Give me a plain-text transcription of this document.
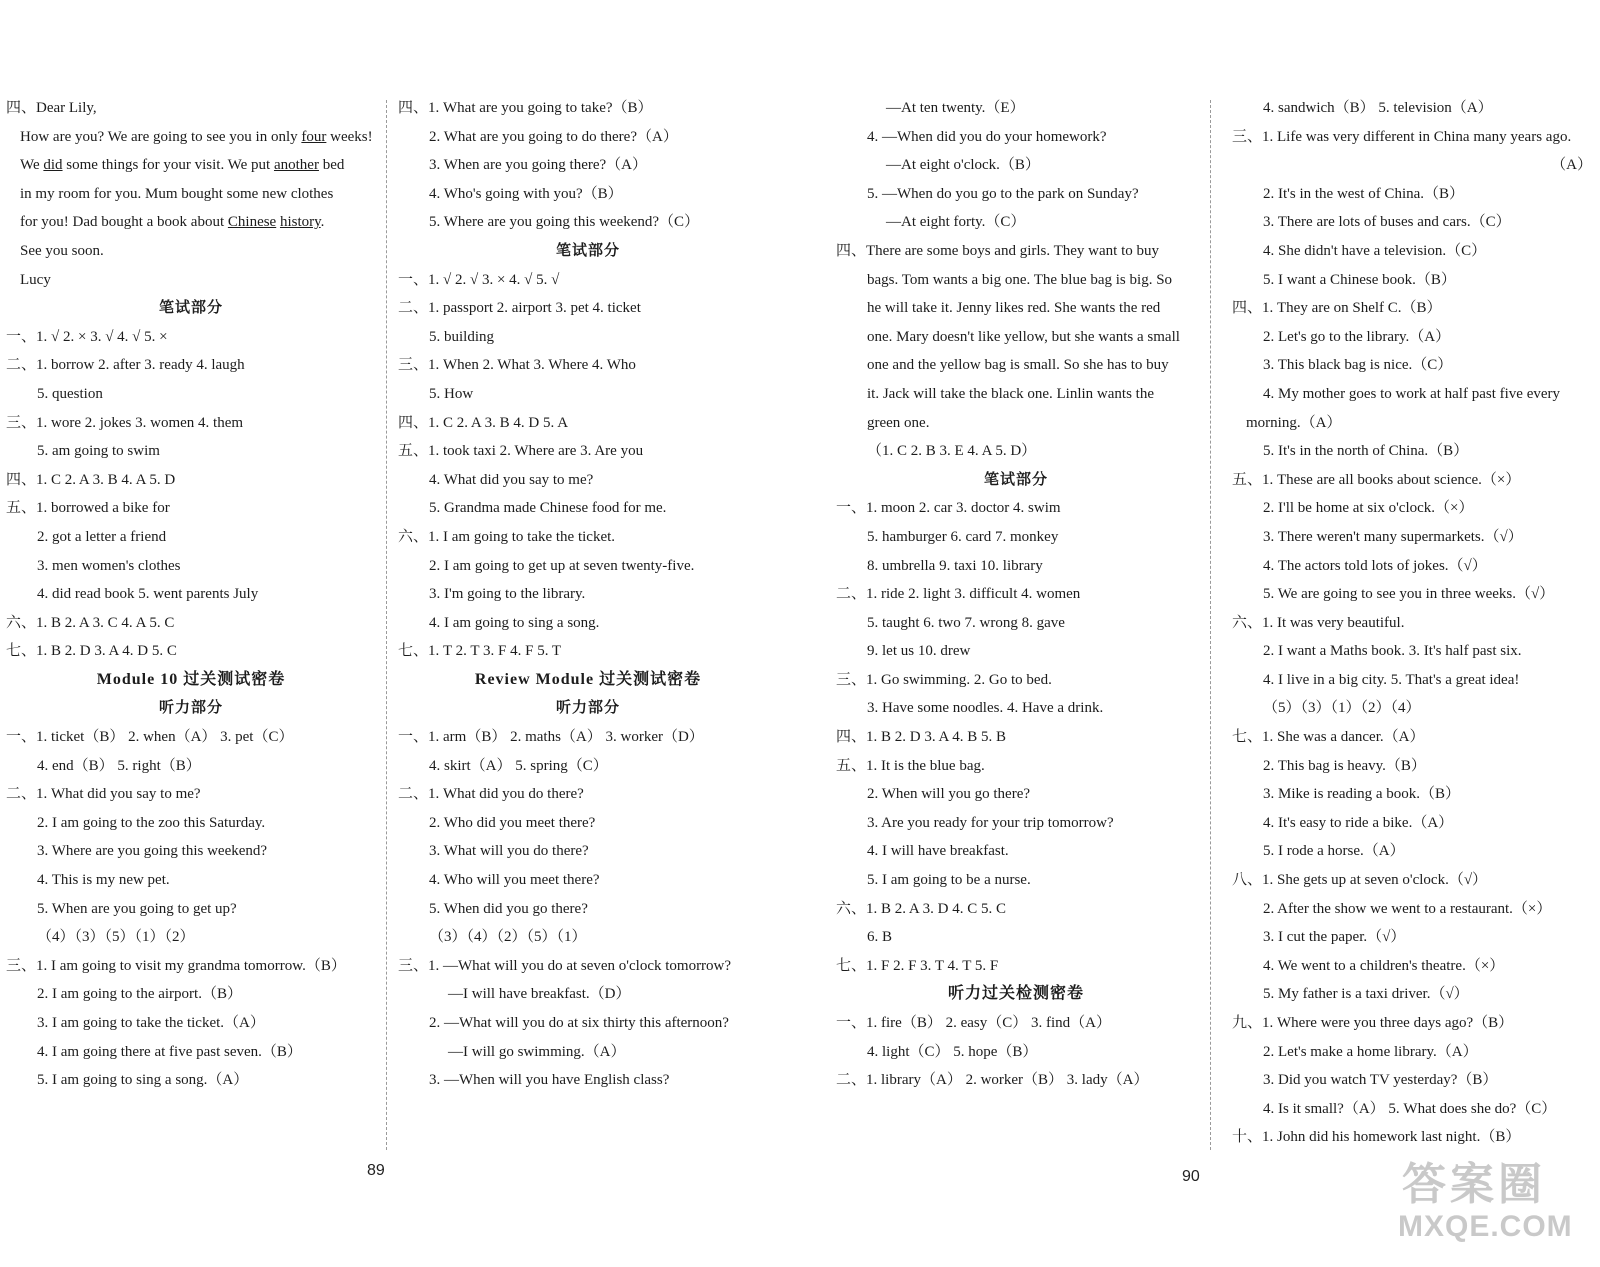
四、Dear Lily,
How are you? We are going to see you in only four weeks!
We did some things for your visit. We put another bed
in my room for you. Mum bought some new clothes
for you! Dad bought a book about Chinese history.
See you soon.
Lucy
笔试部分
一、1. √ 2. × 3. √ 4. √ 5. ×
二、1. borrow 2. after 3. ready 4. laugh
5. question
三、1. wore 2. jokes 3. women 4. them
5. am going to swim
四、1. C 2. A 3. B 4. A 5. D
五、1. borrowed a bike for
2. got a letter a friend
3. men women's clothes
4. did read book 5. went parents July
六、1. B 2. A 3. C 4. A 5. C
七、1. B 2. D 3. A 4. D 5. C
Module 10 过关测试密卷
听力部分
一、1. ticket（B） 2. when（A） 3. pet（C）
4. end（B） 5. right（B）
二、1. What did you say to me?
2. I am going to the zoo this Saturday.
3. Where are you going this weekend?
4. This is my new pet.
5. When are you going to get up?
（4）（3）（5）（1）（2）
三、1. I am going to visit my grandma tomorrow.（B）
2. I am going to the airport.（B）
3. I am going to take the ticket.（A）
4. I am going there at five past seven.（B）
5. I am going to sing a song.（A）
四、1. What are you going to take?（B）
2. What are you going to do there?（A）
3. When are you going there?（A）
4. Who's going with you?（B）
5. Where are you going this weekend?（C）
笔试部分
一、1. √ 2. √ 3. × 4. √ 5. √
二、1. passport 2. airport 3. pet 4. ticket
5. building
三、1. When 2. What 3. Where 4. Who
5. How
四、1. C 2. A 3. B 4. D 5. A
五、1. took taxi 2. Where are 3. Are you
4. What did you say to me?
5. Grandma made Chinese food for me.
六、1. I am going to take the ticket.
2. I am going to get up at seven twenty-five.
3. I'm going to the library.
4. I am going to sing a song.
七、1. T 2. T 3. F 4. F 5. T
Review Module 过关测试密卷
听力部分
一、1. arm（B） 2. maths（A） 3. worker（D）
4. skirt（A） 5. spring（C）
二、1. What did you do there?
2. Who did you meet there?
3. What will you do there?
4. Who will you meet there?
5. When did you go there?
（3）（4）（2）（5）（1）
三、1. —What will you do at seven o'clock tomorrow?
—I will have breakfast.（D）
2. —What will you do at six thirty this afternoon?
—I will go swimming.（A）
3. —When will you have English class?
—At ten twenty.（E）
4. —When did you do your homework?
—At eight o'clock.（B）
5. —When do you go to the park on Sunday?
—At eight forty.（C）
四、There are some boys and girls. They want to buy
bags. Tom wants a big one. The blue bag is big. So
he will take it. Jenny likes red. She wants the red
one. Mary doesn't like yellow, but she wants a small
one and the yellow bag is small. So she has to buy
it. Jack will take the black one. Linlin wants the
green one.
（1. C 2. B 3. E 4. A 5. D）
笔试部分
一、1. moon 2. car 3. doctor 4. swim
5. hamburger 6. card 7. monkey
8. umbrella 9. taxi 10. library
二、1. ride 2. light 3. difficult 4. women
5. taught 6. two 7. wrong 8. gave
9. let us 10. drew
三、1. Go swimming. 2. Go to bed.
3. Have some noodles. 4. Have a drink.
四、1. B 2. D 3. A 4. B 5. B
五、1. It is the blue bag.
2. When will you go there?
3. Are you ready for your trip tomorrow?
4. I will have breakfast.
5. I am going to be a nurse.
六、1. B 2. A 3. D 4. C 5. C
6. B
七、1. F 2. F 3. T 4. T 5. F
听力过关检测密卷
一、1. fire（B） 2. easy（C） 3. find（A）
4. light（C） 5. hope（B）
二、1. library（A） 2. worker（B） 3. lady（A）
4. sandwich（B） 5. television（A）
三、1. Life was very different in China many years ago.
（A）
2. It's in the west of China.（B）
3. There are lots of buses and cars.（C）
4. She didn't have a television.（C）
5. I want a Chinese book.（B）
四、1. They are on Shelf C.（B）
2. Let's go to the library.（A）
3. This black bag is nice.（C）
4. My mother goes to work at half past five every
morning.（A）
5. It's in the north of China.（B）
五、1. These are all books about science.（×）
2. I'll be home at six o'clock.（×）
3. There weren't many supermarkets.（√）
4. The actors told lots of jokes.（√）
5. We are going to see you in three weeks.（√）
六、1. It was very beautiful.
2. I want a Maths book. 3. It's half past six.
4. I live in a big city. 5. That's a great idea!
（5）（3）（1）（2）（4）
七、1. She was a dancer.（A）
2. This bag is heavy.（B）
3. Mike is reading a book.（B）
4. It's easy to ride a bike.（A）
5. I rode a horse.（A）
八、1. She gets up at seven o'clock.（√）
2. After the show we went to a restaurant.（×）
3. I cut the paper.（√）
4. We went to a children's theatre.（×）
5. My father is a taxi driver.（√）
九、1. Where were you three days ago?（B）
2. Let's make a home library.（A）
3. Did you watch TV yesterday?（B）
4. Is it small?（A） 5. What does she do?（C）
十、1. John did his homework last night.（B）
89	90	答案圈
MXQE.COM
